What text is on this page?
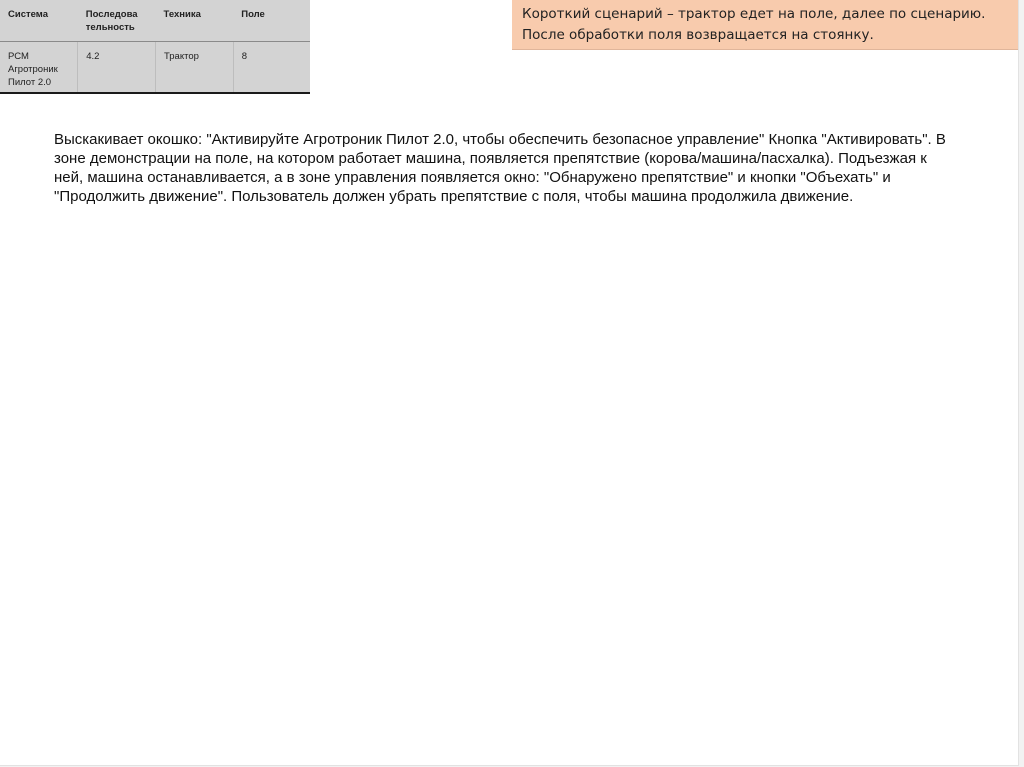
Система	Последова тельность	Техника	Поле
РСМ Агротроник Пилот 2.0	4.2	Трактор	8
Короткий сценарий – трактор едет на поле, далее по сценарию. После обработки поля возвращается на стоянку.
Выскакивает окошко: "Активируйте Агротроник Пилот 2.0, чтобы обеспечить безопасное управление" Кнопка "Активировать". В зоне демонстрации на поле, на котором работает машина, появляется препятствие (корова/машина/пасхалка). Подъезжая к ней, машина останавливается, а в зоне управления появляется окно: "Обнаружено препятствие" и кнопки "Объехать" и "Продолжить движение". Пользователь должен убрать препятствие с поля, чтобы машина продолжила движение.
